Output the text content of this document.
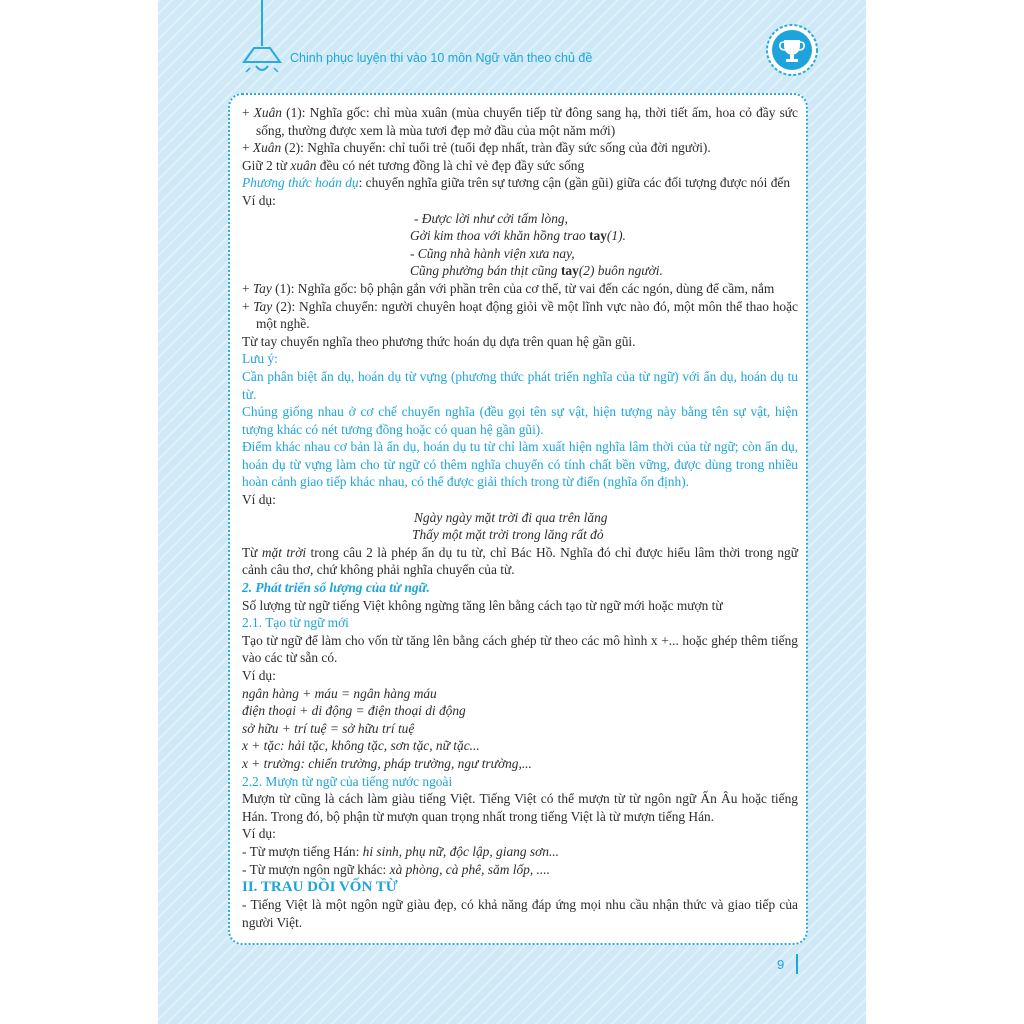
Chinh phục luyện thi vào 10 môn Ngữ văn theo chủ đề

+ Xuân (1): Nghĩa gốc: chỉ mùa xuân (mùa chuyển tiếp từ đông sang hạ, thời tiết ấm, hoa cỏ đầy sức sống, thường được xem là mùa tươi đẹp mở đầu của một năm mới)

+ Xuân (2): Nghĩa chuyển: chỉ tuổi trẻ (tuổi đẹp nhất, tràn đầy sức sống của đời người).

Giữ 2 từ xuân đều có nét tương đồng là chỉ vẻ đẹp đầy sức sống

Phương thức hoán dụ: chuyển nghĩa giữa trên sự tương cận (gần gũi) giữa các đối tượng được nói đến

Ví dụ:

- Được lời như cởi tấm lòng,

Gởi kim thoa với khăn hồng trao tay(1).

- Cũng nhà hành viện xưa nay,

Cũng phường bán thịt cũng tay(2) buôn người.

+ Tay (1): Nghĩa gốc: bộ phận gắn với phần trên của cơ thể, từ vai đến các ngón, dùng để cầm, nắm

+ Tay (2): Nghĩa chuyển: người chuyên hoạt động giỏi về một lĩnh vực nào đó, một môn thể thao hoặc một nghề.

Từ tay chuyển nghĩa theo phương thức hoán dụ dựa trên quan hệ gần gũi.

Lưu ý:

Cần phân biệt ẩn dụ, hoán dụ từ vựng (phương thức phát triển nghĩa của từ ngữ) với ẩn dụ, hoán dụ tu từ.

Chúng giống nhau ở cơ chế chuyển nghĩa (đều gọi tên sự vật, hiện tượng này bằng tên sự vật, hiện tượng khác có nét tương đồng hoặc có quan hệ gần gũi).

Điểm khác nhau cơ bản là ẩn dụ, hoán dụ tu từ chỉ làm xuất hiện nghĩa lâm thời của từ ngữ; còn ẩn dụ, hoán dụ từ vựng làm cho từ ngữ có thêm nghĩa chuyển có tính chất bền vững, được dùng trong nhiều hoàn cảnh giao tiếp khác nhau, có thể được giải thích trong từ điển (nghĩa ổn định).

Ví dụ:

Ngày ngày mặt trời đi qua trên lăng

Thấy một mặt trời trong lăng rất đỏ

Từ mặt trời trong câu 2 là phép ẩn dụ tu từ, chỉ Bác Hồ. Nghĩa đó chỉ được hiểu lâm thời trong ngữ cảnh câu thơ, chứ không phải nghĩa chuyển của từ.

2. Phát triển số lượng của từ ngữ.

Số lượng từ ngữ tiếng Việt không ngừng tăng lên bằng cách tạo từ ngữ mới hoặc mượn từ

2.1. Tạo từ ngữ mới

Tạo từ ngữ để làm cho vốn từ tăng lên bằng cách ghép từ theo các mô hình x +... hoặc ghép thêm tiếng vào các từ sẵn có.

Ví dụ:

ngân hàng + máu = ngân hàng máu

điện thoại + di động = điện thoại di động

sở hữu + trí tuệ = sở hữu trí tuệ

x + tặc: hải tặc, không tặc, sơn tặc, nữ tặc...

x + trường: chiến trường, pháp trường, ngư trường,...

2.2. Mượn từ ngữ của tiếng nước ngoài

Mượn từ cũng là cách làm giàu tiếng Việt. Tiếng Việt có thể mượn từ từ ngôn ngữ Ấn Âu hoặc tiếng Hán. Trong đó, bộ phận từ mượn quan trọng nhất trong tiếng Việt là từ mượn tiếng Hán.

Ví dụ:

- Từ mượn tiếng Hán: hi sinh, phụ nữ, độc lập, giang sơn...

- Từ mượn ngôn ngữ khác: xà phòng, cà phê, săm lốp, ....

II. TRAU DỒI VỐN TỪ

- Tiếng Việt là một ngôn ngữ giàu đẹp, có khả năng đáp ứng mọi nhu cầu nhận thức và giao tiếp của người Việt.

9
